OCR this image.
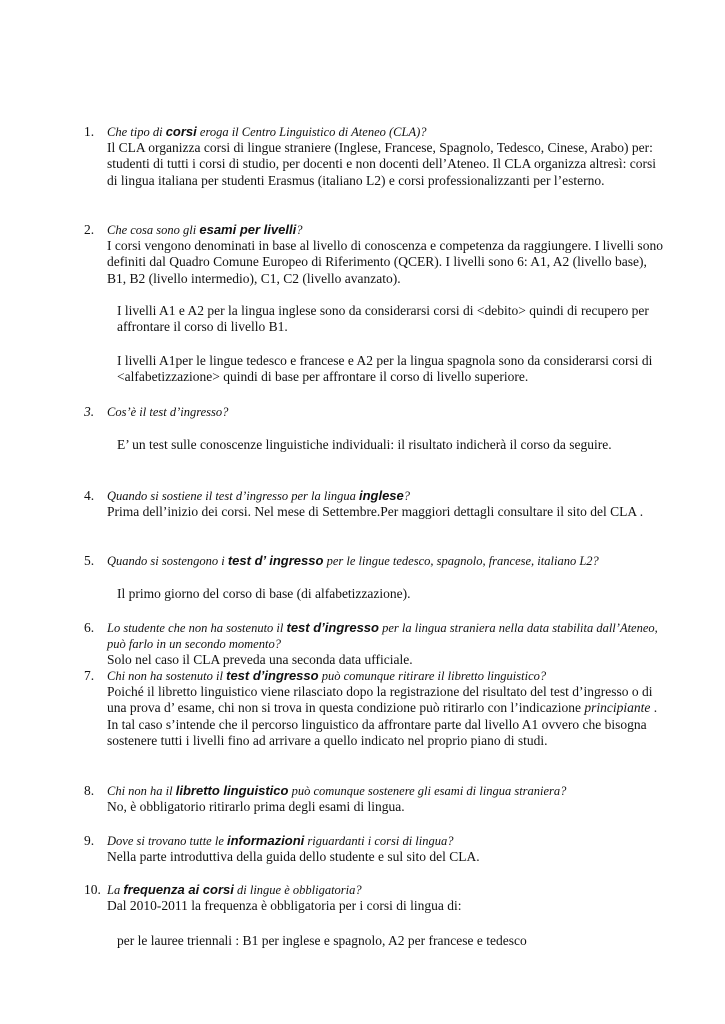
1. Che tipo di corsi eroga il Centro Linguistico di Ateneo (CLA)?
Il CLA organizza corsi di lingue straniere (Inglese, Francese, Spagnolo, Tedesco, Cinese, Arabo) per: studenti di tutti i corsi di studio, per docenti e non docenti dell’Ateneo. Il CLA organizza altresì: corsi di lingua italiana per studenti Erasmus (italiano L2) e corsi professionalizzanti per l’esterno.
2. Che cosa sono gli esami per livelli?
I corsi vengono denominati in base al livello di conoscenza e competenza da raggiungere. I livelli sono definiti dal Quadro Comune Europeo di Riferimento (QCER). I livelli sono 6: A1, A2 (livello base), B1, B2 (livello intermedio), C1, C2 (livello avanzato).
I livelli A1 e A2 per la lingua inglese sono da considerarsi corsi di <debito> quindi di recupero per affrontare il corso di livello B1.
I livelli A1per le lingue tedesco e francese e A2 per la lingua spagnola sono da considerarsi corsi di <alfabetizzazione> quindi di base per affrontare il corso di livello superiore.
3. Cos’è il test d’ingresso?
E’ un test sulle conoscenze linguistiche individuali: il risultato indicherà il corso da seguire.
4. Quando si sostiene il test d’ingresso per la lingua inglese?
Prima dell’inizio dei corsi. Nel mese di Settembre.Per maggiori dettagli consultare il sito del CLA .
5. Quando si sostengono i test d’ ingresso per le lingue tedesco, spagnolo, francese, italiano L2?
Il primo giorno del corso di base (di alfabetizzazione).
6. Lo studente che non ha sostenuto il test d’ingresso per la lingua straniera nella data stabilita dall’Ateneo, può farlo in un secondo momento?
Solo nel caso il CLA preveda una seconda data ufficiale.
7. Chi non ha sostenuto il test d’ingresso può comunque ritirare il libretto linguistico?
Poiché il libretto linguistico viene rilasciato dopo la registrazione del risultato del test d’ingresso o di una prova d’ esame, chi non si trova in questa condizione può ritirarlo con l’indicazione principiante . In tal caso s’intende che il percorso linguistico da affrontare parte dal livello A1 ovvero che bisogna sostenere tutti i livelli fino ad arrivare a quello indicato nel proprio piano di studi.
8. Chi non ha il libretto linguistico può comunque sostenere gli esami di lingua straniera?
No, è obbligatorio ritirarlo prima degli esami di lingua.
9. Dove si trovano tutte le informazioni riguardanti i corsi di lingua?
Nella parte introduttiva della guida dello studente e sul sito del CLA.
10. La frequenza ai corsi di lingue è obbligatoria?
Dal 2010-2011 la frequenza è obbligatoria per i corsi di lingua di:
per le lauree triennali : B1 per inglese e spagnolo, A2 per francese e tedesco
